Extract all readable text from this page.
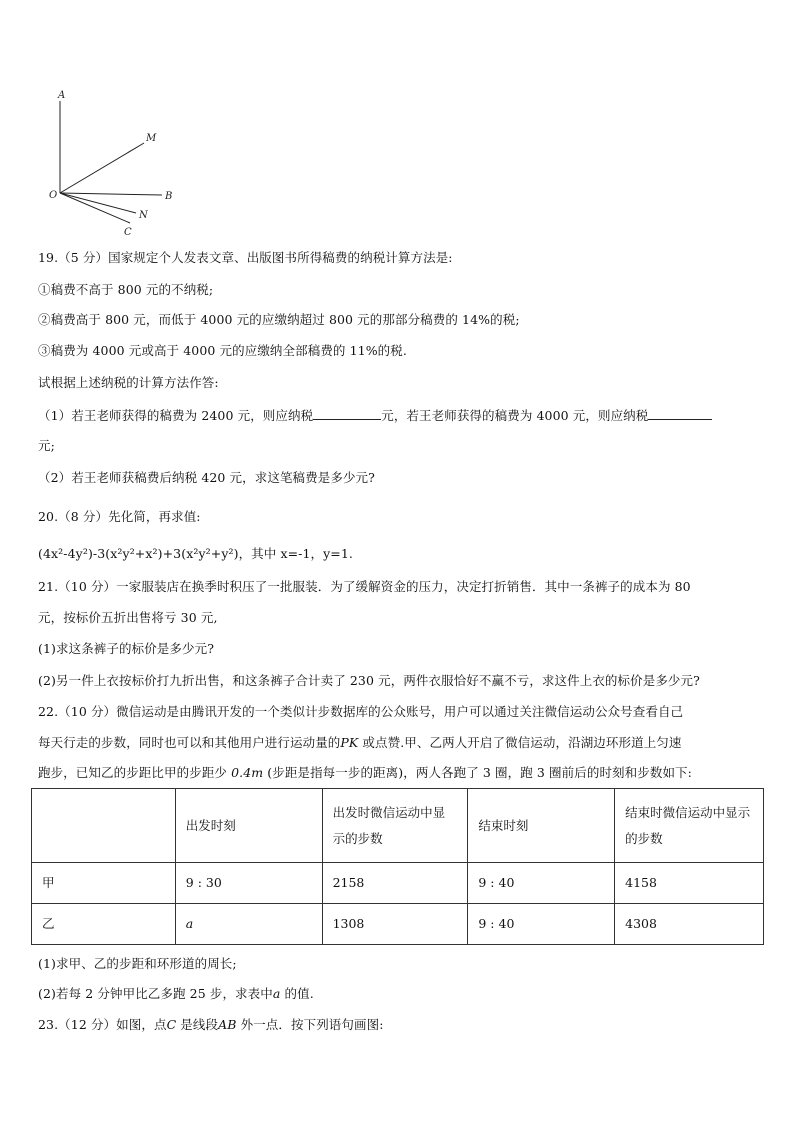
A
M
O	B
N
C
19.（5 分）国家规定个人发表文章、出版图书所得稿费的纳税计算方法是:
①稿费不高于 800 元的不纳税;
②稿费高于 800 元，而低于 4000 元的应缴纳超过 800 元的那部分稿费的 14%的税;
③稿费为 4000 元或高于 4000 元的应缴纳全部稿费的 11%的税.
试根据上述纳税的计算方法作答:
（1）若王老师获得的稿费为 2400 元，则应纳税	元，若王老师获得的稿费为 4000 元，则应纳税
元;
（2）若王老师获稿费后纳税 420 元，求这笔稿费是多少元?
20.（8 分）先化简，再求值:
(4x²-4y²)-3(x²y²+x²)+3(x²y²+y²)，其中 x=-1，y=1.
21.（10 分）一家服装店在换季时积压了一批服装．为了缓解资金的压力，决定打折销售．其中一条裤子的成本为 80
元，按标价五折出售将亏 30 元,
(1)求这条裤子的标价是多少元?
(2)另一件上衣按标价打九折出售，和这条裤子合计卖了 230 元，两件衣服恰好不赢不亏，求这件上衣的标价是多少元?
22.（10 分）微信运动是由腾讯开发的一个类似计步数据库的公众账号，用户可以通过关注微信运动公众号查看自己
每天行走的步数，同时也可以和其他用户进行运动量的PK 或点赞.甲、乙两人开启了微信运动，沿湖边环形道上匀速
跑步，已知乙的步距比甲的步距少 0.4m (步距是指每一步的距离)，两人各跑了 3 圈，跑 3 圈前后的时刻和步数如下:
	出发时刻	出发时微信运动中显示的步数	结束时刻	结束时微信运动中显示的步数
甲	9 : 30	2158	9 : 40	4158
乙	a	1308	9 : 40	4308
(1)求甲、乙的步距和环形道的周长;
(2)若每 2 分钟甲比乙多跑 25 步，求表中a 的值.
23.（12 分）如图，点C 是线段AB 外一点．按下列语句画图:
